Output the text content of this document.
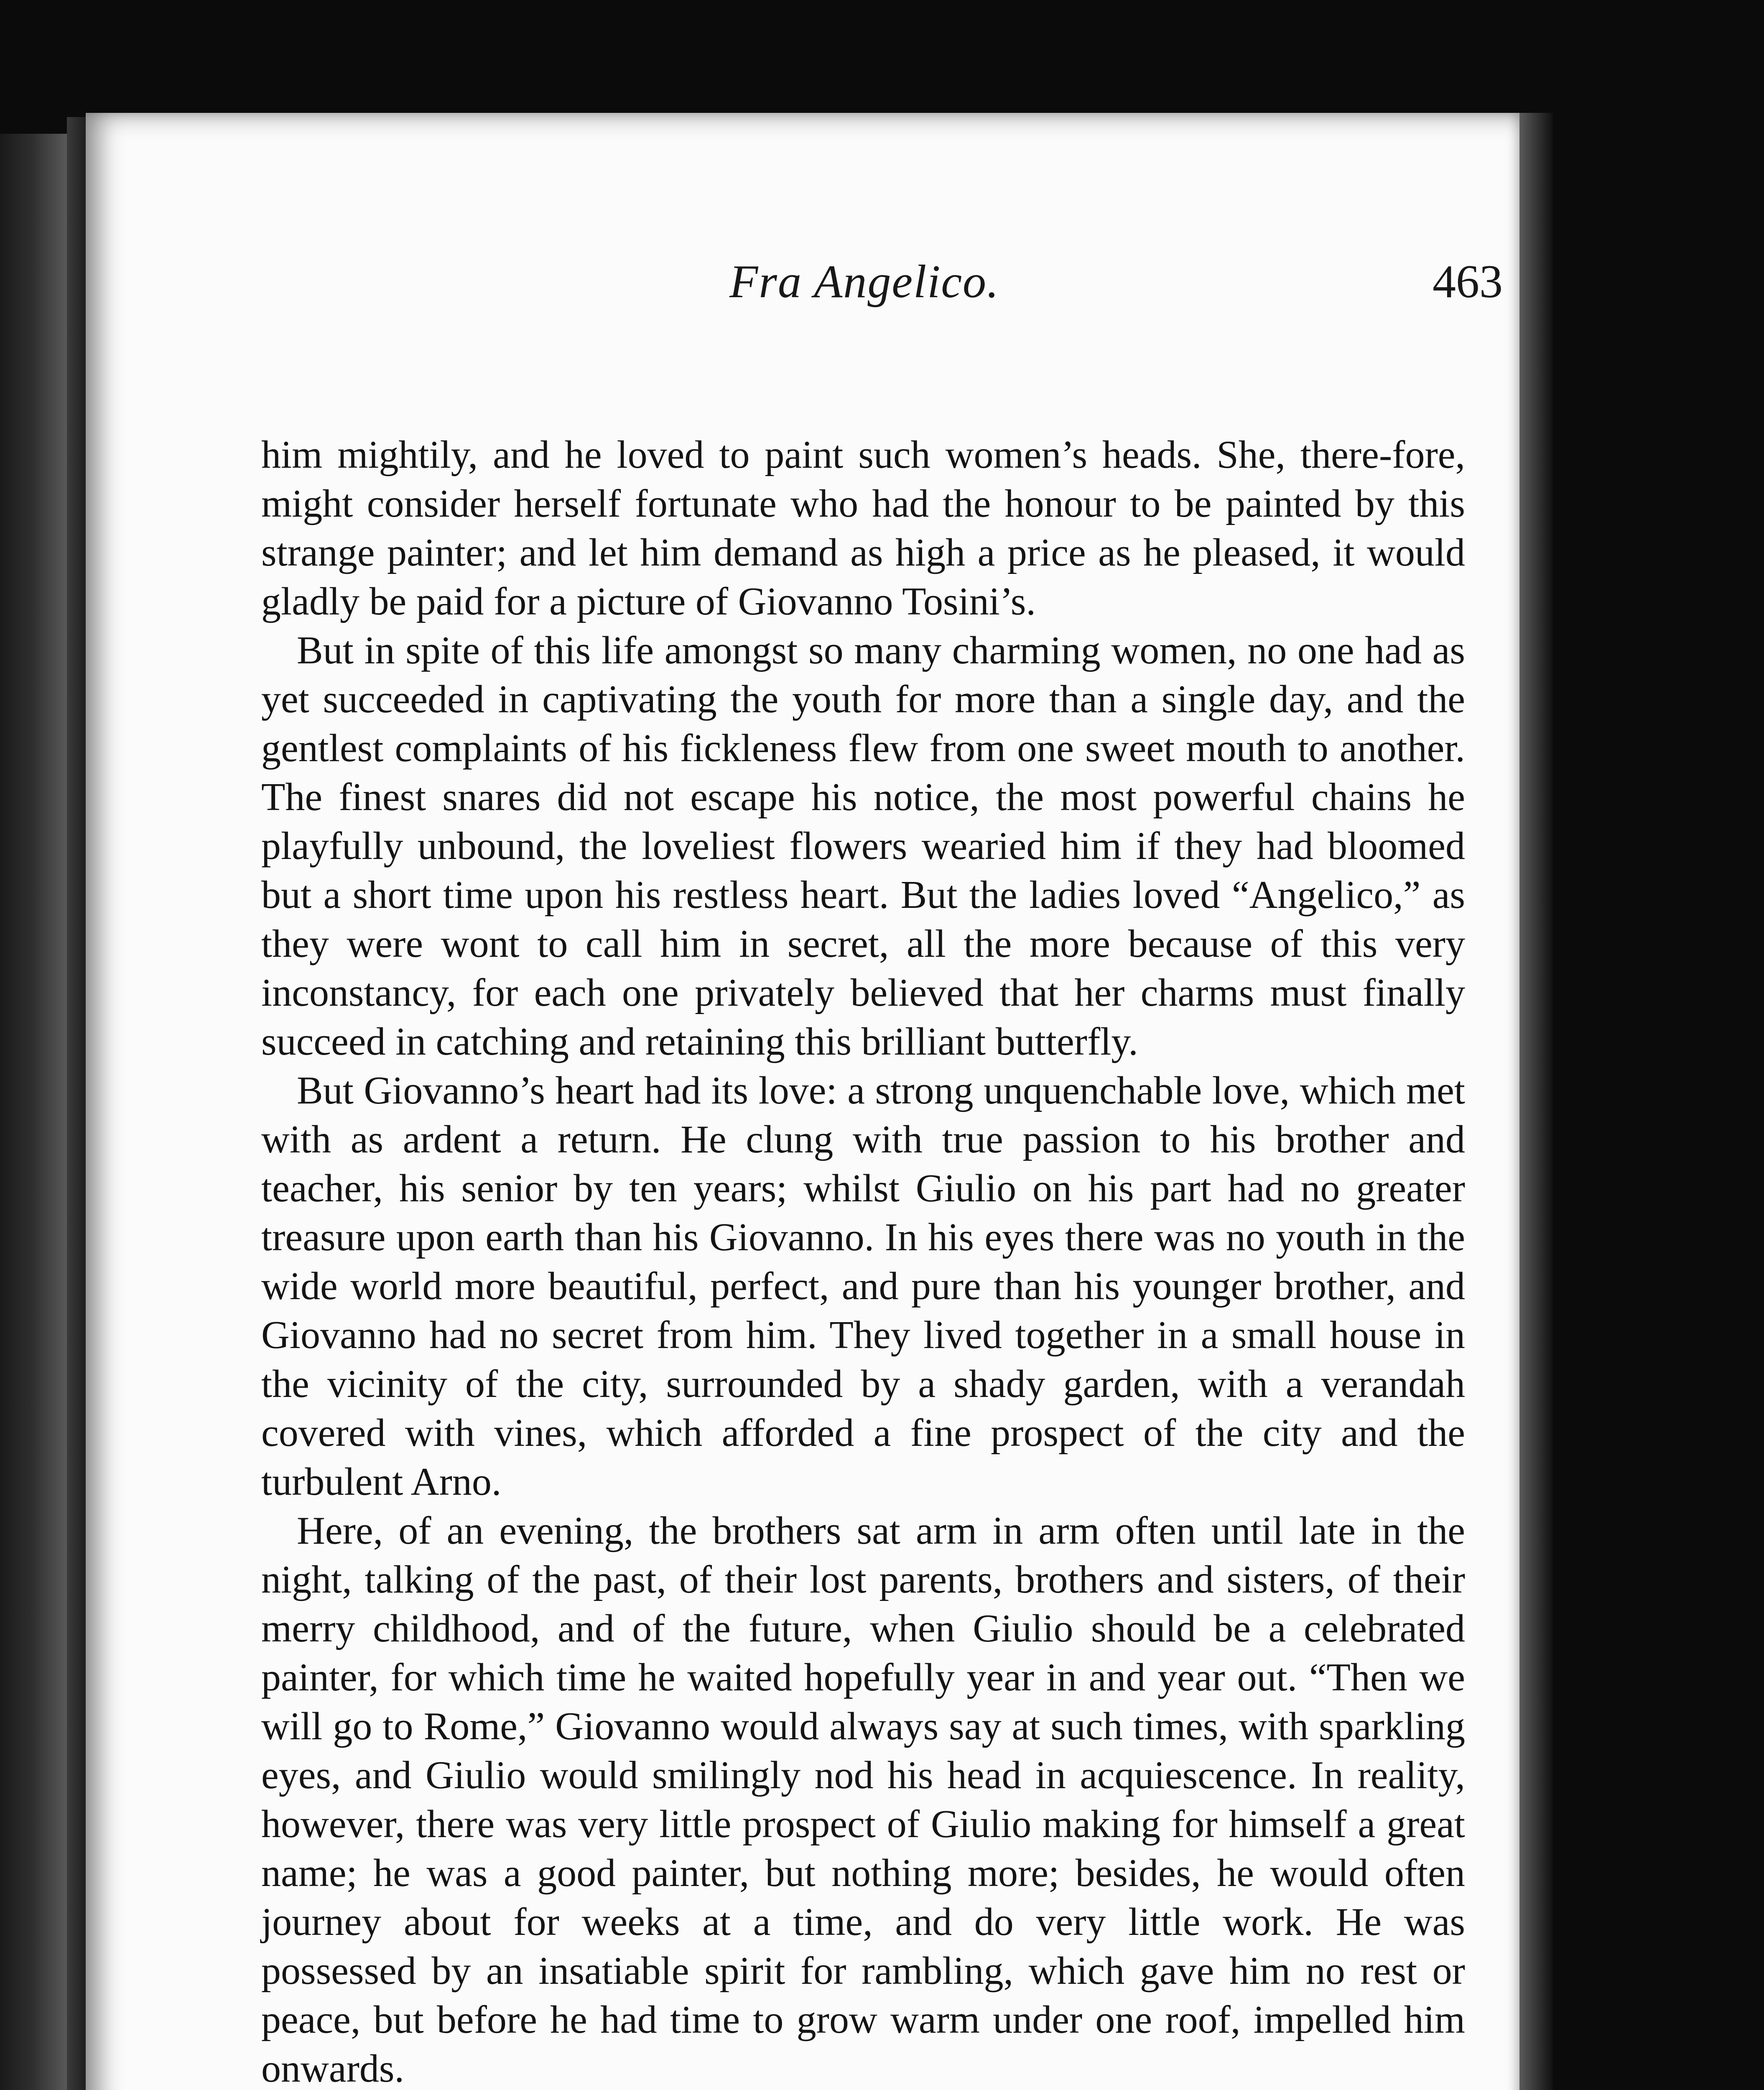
Fra Angelico.	463

him mightily, and he loved to paint such women’s heads. She, there-fore, might consider herself fortunate who had the honour to be painted by this strange painter; and let him demand as high a price as he pleased, it would gladly be paid for a picture of Giovanno Tosini’s.

But in spite of this life amongst so many charming women, no one had as yet succeeded in captivating the youth for more than a single day, and the gentlest complaints of his fickleness flew from one sweet mouth to another. The finest snares did not escape his notice, the most powerful chains he playfully unbound, the loveliest flowers wearied him if they had bloomed but a short time upon his restless heart. But the ladies loved “Angelico,” as they were wont to call him in secret, all the more because of this very inconstancy, for each one privately believed that her charms must finally succeed in catching and retaining this brilliant butterfly.

But Giovanno’s heart had its love: a strong unquenchable love, which met with as ardent a return. He clung with true passion to his brother and teacher, his senior by ten years; whilst Giulio on his part had no greater treasure upon earth than his Giovanno. In his eyes there was no youth in the wide world more beautiful, perfect, and pure than his younger brother, and Giovanno had no secret from him. They lived together in a small house in the vicinity of the city, surrounded by a shady garden, with a verandah covered with vines, which afforded a fine prospect of the city and the turbulent Arno.

Here, of an evening, the brothers sat arm in arm often until late in the night, talking of the past, of their lost parents, brothers and sisters, of their merry childhood, and of the future, when Giulio should be a celebrated painter, for which time he waited hopefully year in and year out. “Then we will go to Rome,” Giovanno would always say at such times, with sparkling eyes, and Giulio would smilingly nod his head in acquiescence. In reality, however, there was very little prospect of Giulio making for himself a great name; he was a good painter, but nothing more; besides, he would often journey about for weeks at a time, and do very little work. He was possessed by an insatiable spirit for rambling, which gave him no rest or peace, but before he had time to grow warm under one roof, impelled him onwards.
